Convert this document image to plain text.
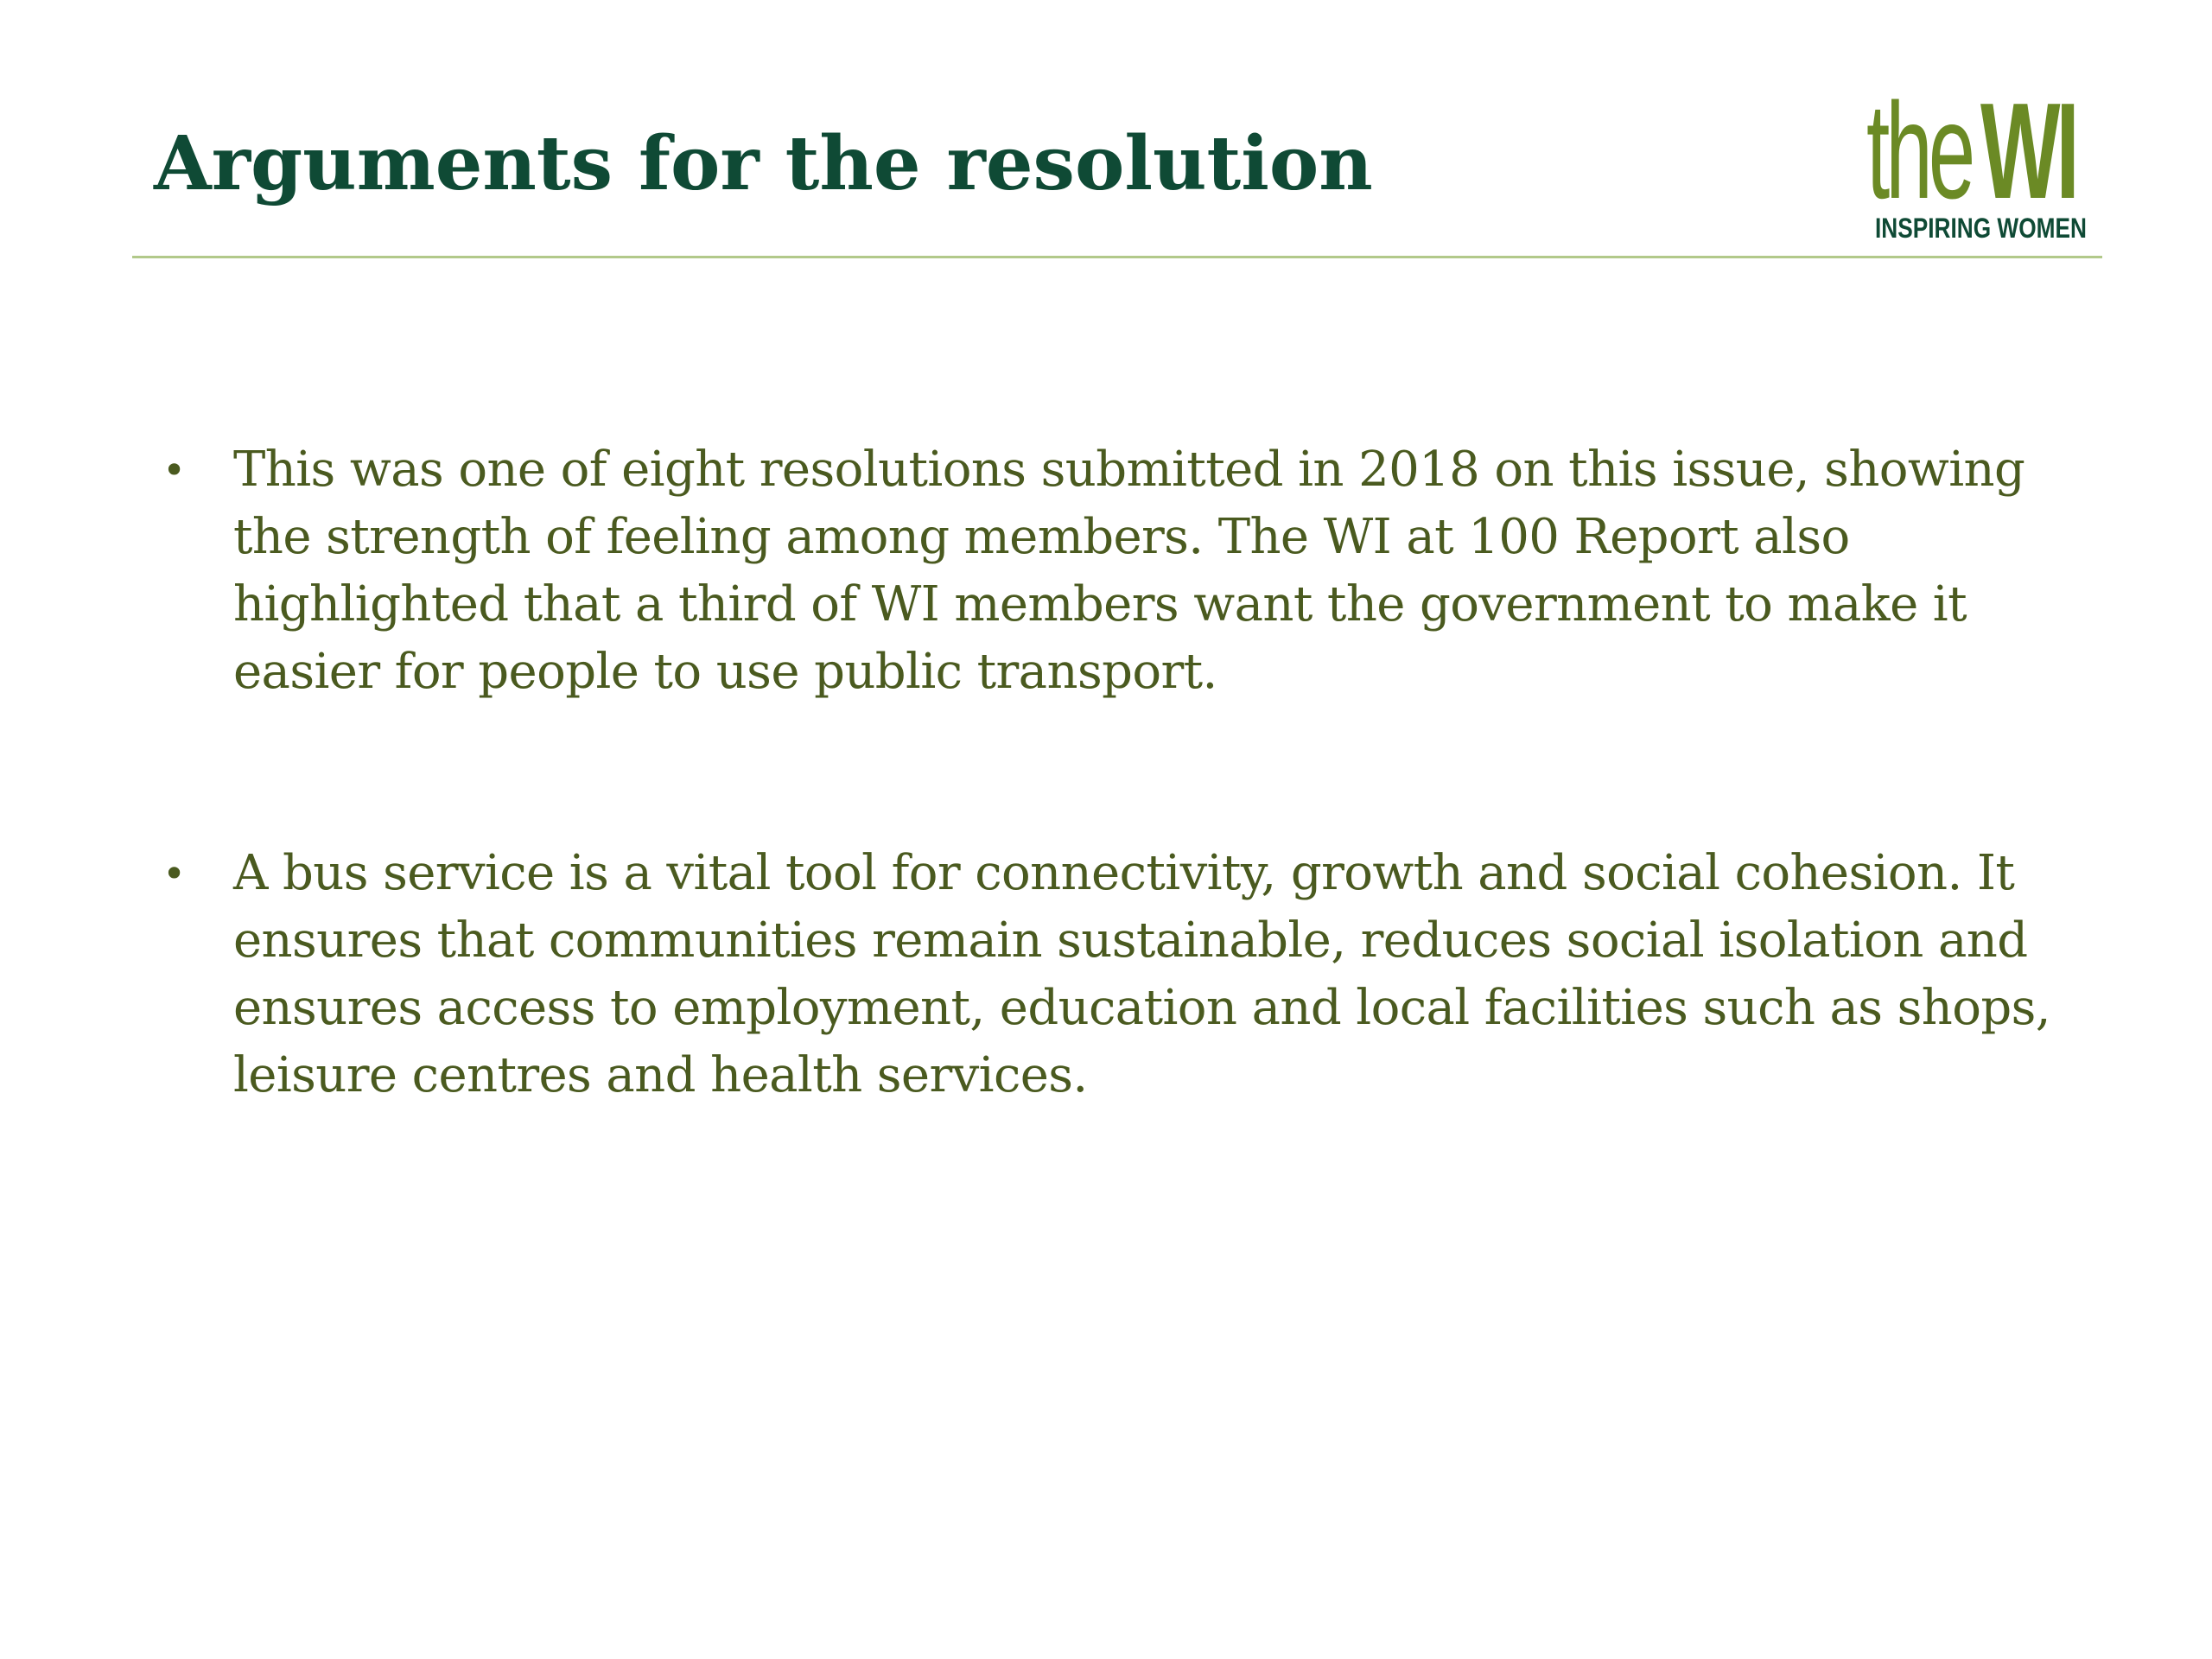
Arguments for the resolution	theWI
INSPIRING WOMEN
• This was one of eight resolutions submitted in 2018 on this issue, showing the strength of feeling among members. The WI at 100 Report also highlighted that a third of WI members want the government to make it easier for people to use public transport.
• A bus service is a vital tool for connectivity, growth and social cohesion. It ensures that communities remain sustainable, reduces social isolation and ensures access to employment, education and local facilities such as shops, leisure centres and health services.
